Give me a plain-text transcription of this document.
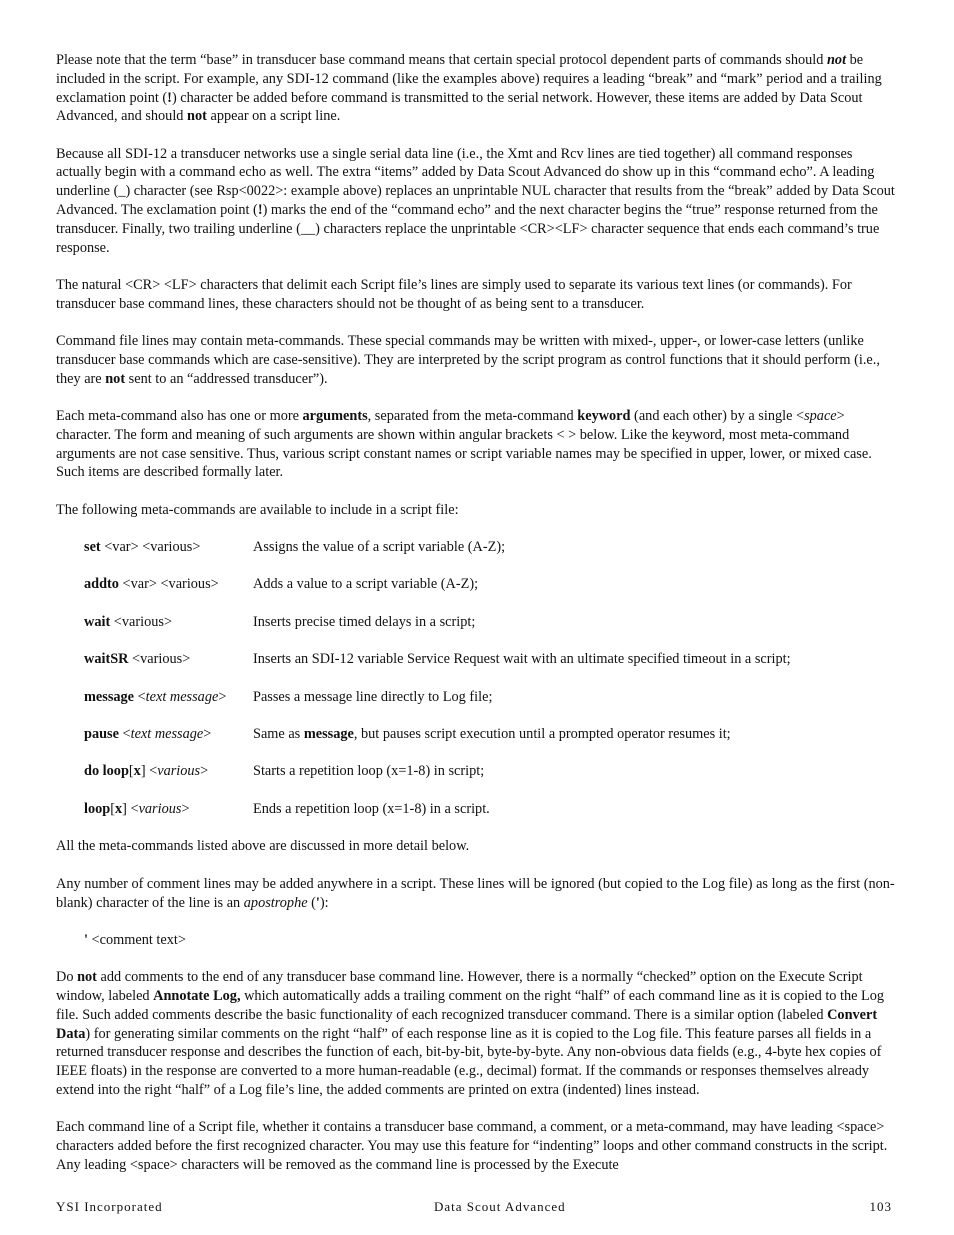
Please note that the term “base” in transducer base command means that certain special protocol dependent parts of commands should not be included in the script. For example, any SDI-12 command (like the examples above) requires a leading “break” and “mark” period and a trailing exclamation point (!) character be added before command is transmitted to the serial network. However, these items are added by Data Scout Advanced, and should not appear on a script line.

Because all SDI-12 a transducer networks use a single serial data line (i.e., the Xmt and Rcv lines are tied together) all command responses actually begin with a command echo as well. The extra “items” added by Data Scout Advanced do show up in this “command echo”. A leading underline (_) character (see Rsp<0022>: example above) replaces an unprintable NUL character that results from the “break” added by Data Scout Advanced. The exclamation point (!) marks the end of the “command echo” and the next character begins the “true” response returned from the transducer. Finally, two trailing underline (__) characters replace the unprintable <CR><LF> character sequence that ends each command’s true response.

The natural <CR> <LF> characters that delimit each Script file’s lines are simply used to separate its various text lines (or commands). For transducer base command lines, these characters should not be thought of as being sent to a transducer.

Command file lines may contain meta-commands. These special commands may be written with mixed-, upper-, or lower-case letters (unlike transducer base commands which are case-sensitive). They are interpreted by the script program as control functions that it should perform (i.e., they are not sent to an “addressed transducer”).

Each meta-command also has one or more arguments, separated from the meta-command keyword (and each other) by a single <space> character. The form and meaning of such arguments are shown within angular brackets < > below. Like the keyword, most meta-command arguments are not case sensitive. Thus, various script constant names or script variable names may be specified in upper, lower, or mixed case. Such items are described formally later.

The following meta-commands are available to include in a script file:

set <var> <various>	Assigns the value of a script variable (A-Z);
addto <var> <various>	Adds a value to a script variable (A-Z);
wait <various>	Inserts precise timed delays in a script;
waitSR <various>	Inserts an SDI-12 variable Service Request wait with an ultimate specified timeout in a script;
message <text message>	Passes a message line directly to Log file;
pause <text message>	Same as message, but pauses script execution until a prompted operator resumes it;
do loop[x] <various>	Starts a repetition loop (x=1-8) in script;
loop[x] <various>	Ends a repetition loop (x=1-8) in a script.

All the meta-commands listed above are discussed in more detail below.

Any number of comment lines may be added anywhere in a script. These lines will be ignored (but copied to the Log file) as long as the first (non-blank) character of the line is an apostrophe ('):

' <comment text>

Do not add comments to the end of any transducer base command line. However, there is a normally “checked” option on the Execute Script window, labeled Annotate Log, which automatically adds a trailing comment on the right “half” of each command line as it is copied to the Log file. Such added comments describe the basic functionality of each recognized transducer command. There is a similar option (labeled Convert Data) for generating similar comments on the right “half” of each response line as it is copied to the Log file. This feature parses all fields in a returned transducer response and describes the function of each, bit-by-bit, byte-by-byte. Any non-obvious data fields (e.g., 4-byte hex copies of IEEE floats) in the response are converted to a more human-readable (e.g., decimal) format. If the commands or responses themselves already extend into the right “half” of a Log file’s line, the added comments are printed on extra (indented) lines instead.

Each command line of a Script file, whether it contains a transducer base command, a comment, or a meta-command, may have leading <space> characters added before the first recognized character. You may use this feature for “indenting” loops and other command constructs in the script. Any leading <space> characters will be removed as the command line is processed by the Execute

YSI Incorporated	Data Scout Advanced	103
